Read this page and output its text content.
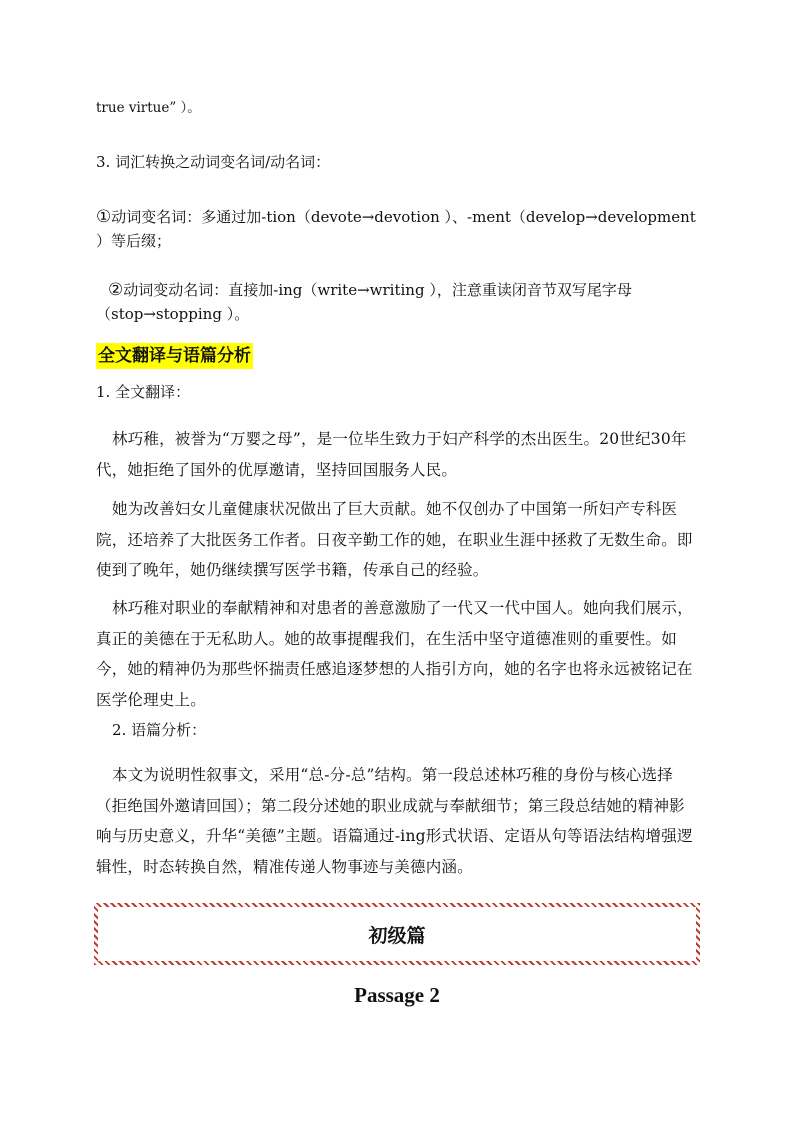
true virtue” ）。
3. 词汇转换之动词变名词/动名词：
①动词变名词：多通过加-tion（devote→devotion ）、-ment（develop→development ）等后缀；
②动词变动名词：直接加-ing（write→writing ），注意重读闭音节双写尾字母（stop→stopping ）。
全文翻译与语篇分析
1. 全文翻译：
林巧稚，被誉为“万婴之母”，是一位毕生致力于妇产科学的杰出医生。20世纪30年代，她拒绝了国外的优厚邀请，坚持回国服务人民。
她为改善妇女儿童健康状况做出了巨大贡献。她不仅创办了中国第一所妇产专科医院，还培养了大批医务工作者。日夜辛勤工作的她，在职业生涯中拯救了无数生命。即使到了晚年，她仍继续撰写医学书籍，传承自己的经验。
林巧稚对职业的奉献精神和对患者的善意激励了一代又一代中国人。她向我们展示，真正的美德在于无私助人。她的故事提醒我们，在生活中坚守道德准则的重要性。如今，她的精神仍为那些怀揣责任感追逐梦想的人指引方向，她的名字也将永远被铭记在医学伦理史上。
2. 语篇分析：
本文为说明性叙事文，采用“总-分-总”结构。第一段总述林巧稚的身份与核心选择（拒绝国外邀请回国）；第二段分述她的职业成就与奉献细节；第三段总结她的精神影响与历史意义，升华“美德”主题。语篇通过-ing形式状语、定语从句等语法结构增强逻辑性，时态转换自然，精准传递人物事迹与美德内涵。
初级篇
Passage 2
